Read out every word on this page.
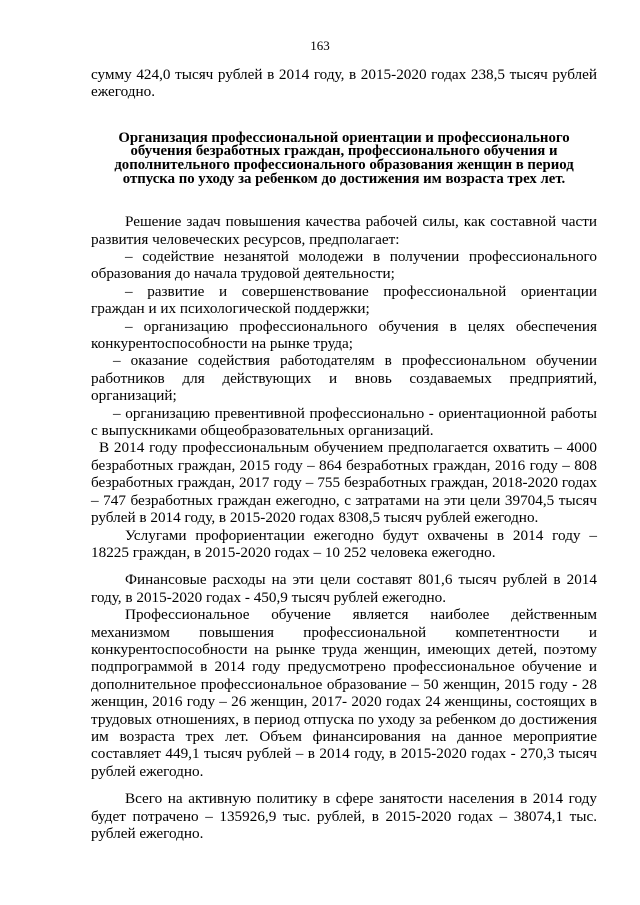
163

сумму 424,0 тысяч рублей в 2014 году, в 2015-2020 годах 238,5 тысяч рублей ежегодно.

Организация профессиональной ориентации и профессионального обучения безработных граждан, профессионального обучения и дополнительного профессионального образования женщин в период отпуска по уходу за ребенком до достижения им возраста трех лет.

Решение задач повышения качества рабочей силы, как составной части развития человеческих ресурсов, предполагает:

– содействие незанятой молодежи в получении профессионального образования до начала трудовой деятельности;

– развитие и совершенствование профессиональной ориентации граждан и их психологической поддержки;

– организацию профессионального обучения в целях обеспечения конкурентоспособности на рынке труда;

– оказание содействия работодателям в профессиональном обучении работников для действующих и вновь создаваемых предприятий, организаций;

– организацию превентивной профессионально - ориентационной работы с выпускниками общеобразовательных организаций.

В 2014 году профессиональным обучением предполагается охватить – 4000 безработных граждан, 2015 году – 864 безработных граждан, 2016 году – 808 безработных граждан, 2017 году – 755 безработных граждан, 2018-2020 годах – 747 безработных граждан ежегодно, с затратами на эти цели 39704,5 тысяч рублей в 2014 году, в 2015-2020 годах 8308,5 тысяч рублей ежегодно.

Услугами профориентации ежегодно будут охвачены в 2014 году – 18225 граждан, в 2015-2020 годах – 10 252 человека ежегодно.

Финансовые расходы на эти цели составят 801,6 тысяч рублей в 2014 году, в 2015-2020 годах - 450,9 тысяч рублей ежегодно.

Профессиональное обучение является наиболее действенным механизмом повышения профессиональной компетентности и конкурентоспособности на рынке труда женщин, имеющих детей, поэтому подпрограммой в 2014 году предусмотрено профессиональное обучение и дополнительное профессиональное образование – 50 женщин, 2015 году - 28 женщин, 2016 году – 26 женщин, 2017- 2020 годах 24 женщины, состоящих в трудовых отношениях, в период отпуска по уходу за ребенком до достижения им возраста трех лет. Объем финансирования на данное мероприятие составляет 449,1 тысяч рублей – в 2014 году, в 2015-2020 годах - 270,3 тысяч рублей ежегодно.

Всего на активную политику в сфере занятости населения в 2014 году будет потрачено – 135926,9 тыс. рублей, в 2015-2020 годах – 38074,1 тыс. рублей ежегодно.
